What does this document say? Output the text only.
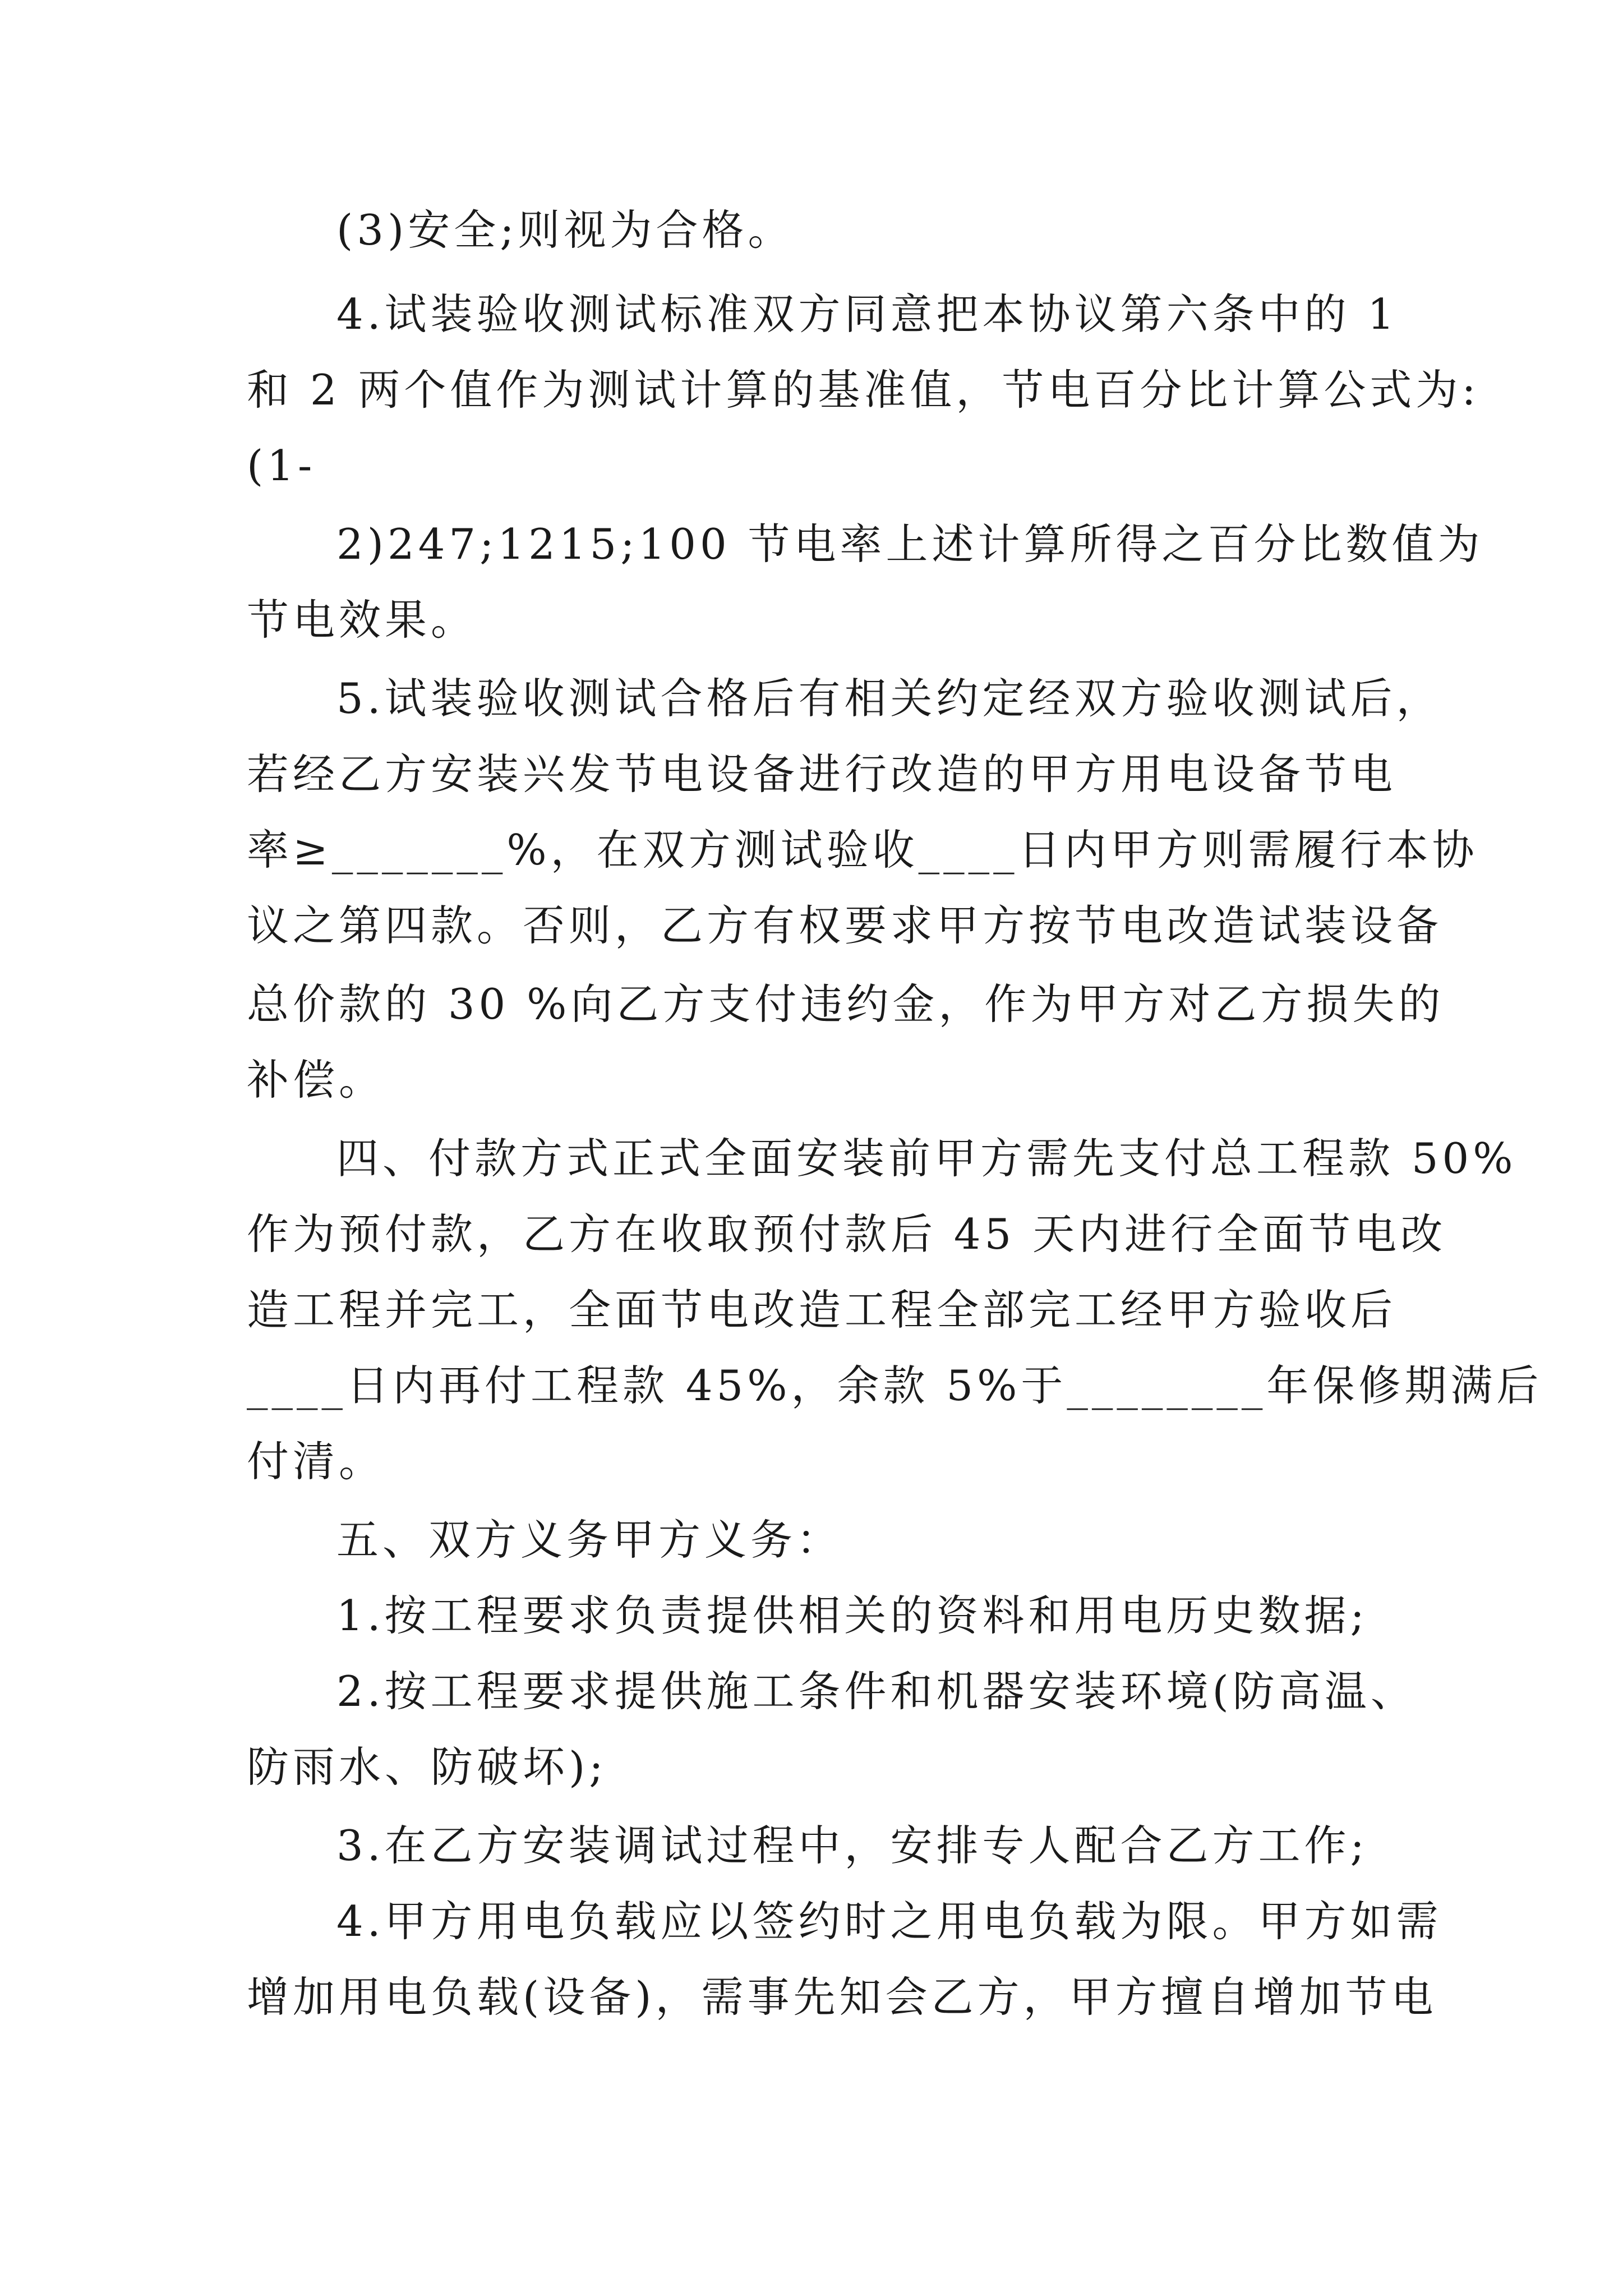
(3)安全;则视为合格。
4.试装验收测试标准双方同意把本协议第六条中的 1
和 2 两个值作为测试计算的基准值，节电百分比计算公式为:
(1-
2)247;1215;100 节电率上述计算所得之百分比数值为
节电效果。
5.试装验收测试合格后有相关约定经双方验收测试后，
若经乙方安装兴发节电设备进行改造的甲方用电设备节电
率≥_______%，在双方测试验收____日内甲方则需履行本协
议之第四款。否则，乙方有权要求甲方按节电改造试装设备
总价款的 30 %向乙方支付违约金，作为甲方对乙方损失的
补偿。
四、付款方式正式全面安装前甲方需先支付总工程款 50%
作为预付款，乙方在收取预付款后 45 天内进行全面节电改
造工程并完工，全面节电改造工程全部完工经甲方验收后
____日内再付工程款 45%，余款 5%于________年保修期满后
付清。
五、双方义务甲方义务：
1.按工程要求负责提供相关的资料和用电历史数据;
2.按工程要求提供施工条件和机器安装环境(防高温、
防雨水、防破坏);
3.在乙方安装调试过程中，安排专人配合乙方工作;
4.甲方用电负载应以签约时之用电负载为限。甲方如需
增加用电负载(设备)，需事先知会乙方，甲方擅自增加节电
